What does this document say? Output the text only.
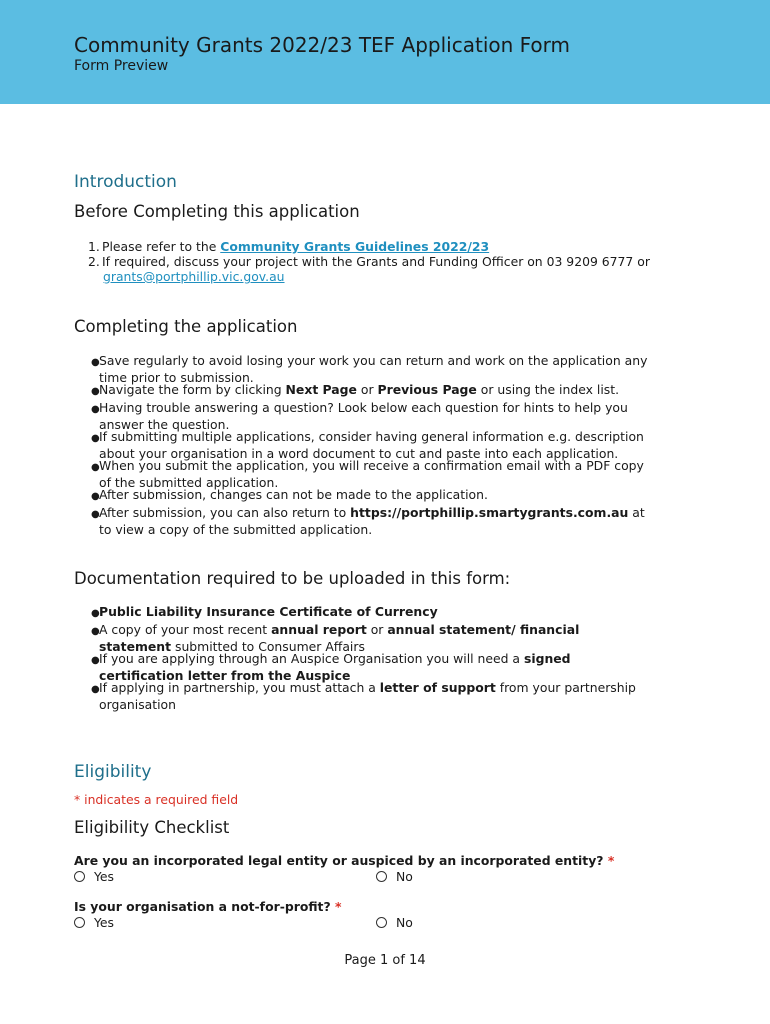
Community Grants 2022/23 TEF Application Form
Form Preview
Introduction
Before Completing this application
1. Please refer to the Community Grants Guidelines 2022/23
2. If required, discuss your project with the Grants and Funding Officer on 03 9209 6777 or
grants@portphillip.vic.gov.au
Completing the application
●Save regularly to avoid losing your work you can return and work on the application any
time prior to submission.
●Navigate the form by clicking Next Page or Previous Page or using the index list.
●Having trouble answering a question? Look below each question for hints to help you
answer the question.
●If submitting multiple applications, consider having general information e.g. description
about your organisation in a word document to cut and paste into each application.
●When you submit the application, you will receive a confirmation email with a PDF copy
of the submitted application.
●After submission, changes can not be made to the application.
●After submission, you can also return to https://portphillip.smartygrants.com.au at
to view a copy of the submitted application.
Documentation required to be uploaded in this form:
●Public Liability Insurance Certificate of Currency
●A copy of your most recent annual report or annual statement/ financial
statement submitted to Consumer Affairs
●If you are applying through an Auspice Organisation you will need a signed
certification letter from the Auspice
●If applying in partnership, you must attach a letter of support from your partnership
organisation
Eligibility
* indicates a required field
Eligibility Checklist
Are you an incorporated legal entity or auspiced by an incorporated entity? *
Yes	No
Is your organisation a not-for-profit? *
Yes	No
Page 1 of 14
